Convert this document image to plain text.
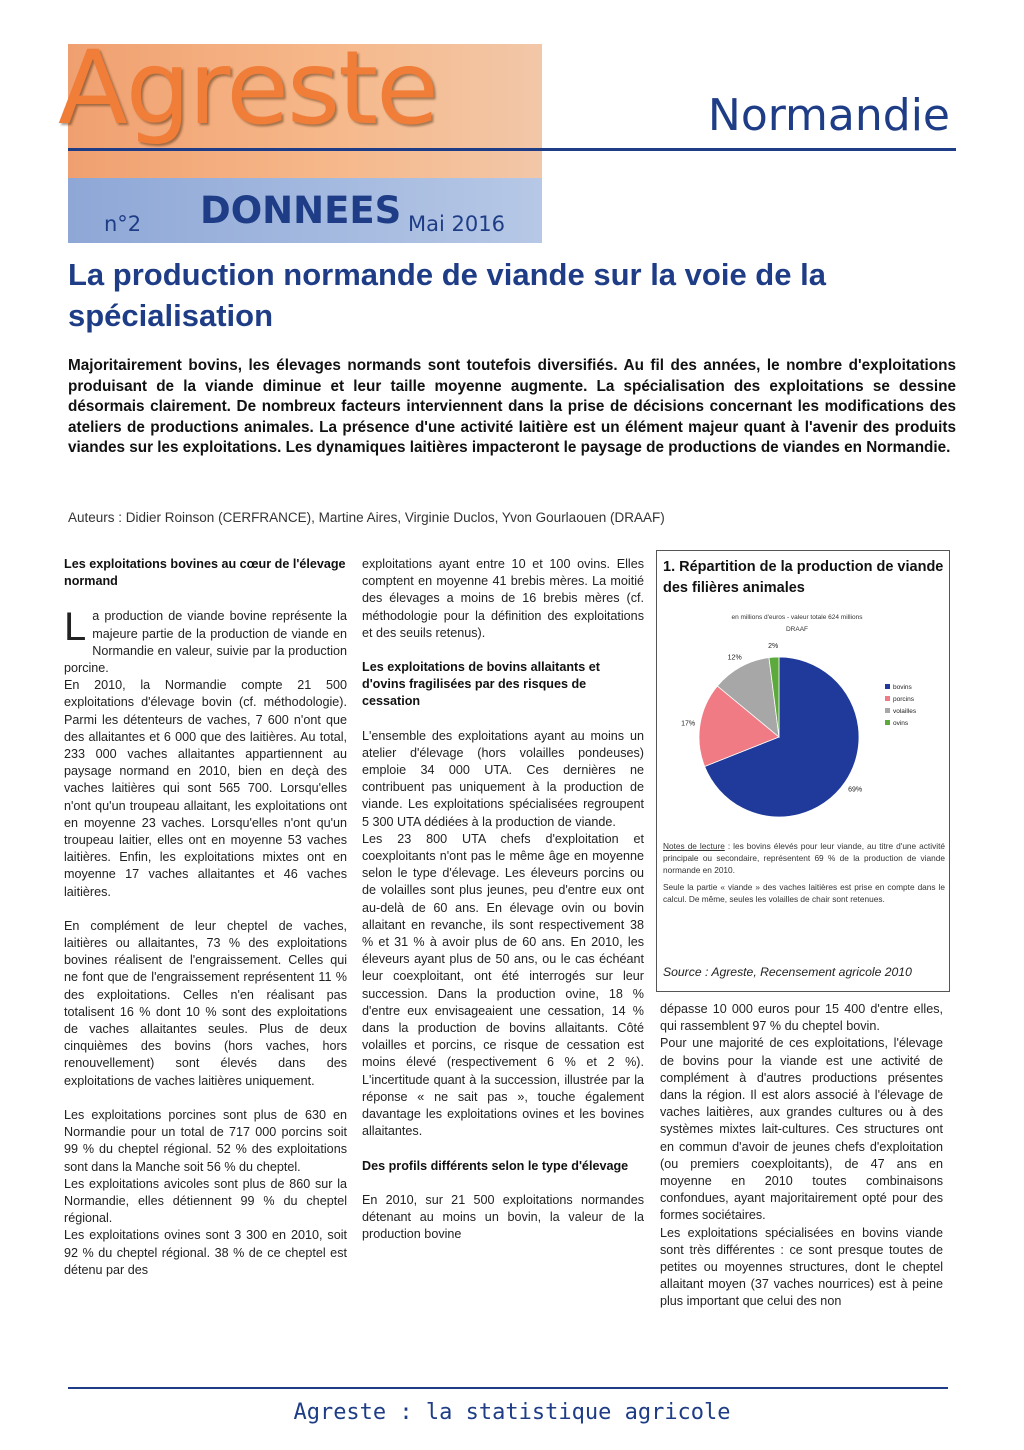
Agreste	Normandie
n°2 DONNEES Mai 2016
La production normande de viande sur la voie de la spécialisation
Majoritairement bovins, les élevages normands sont toutefois diversifiés. Au fil des années, le nombre d'exploitations produisant de la viande diminue et leur taille moyenne augmente. La spécialisation des exploitations se dessine désormais clairement. De nombreux facteurs interviennent dans la prise de décisions concernant les modifications des ateliers de productions animales. La présence d'une activité laitière est un élément majeur quant à l'avenir des produits viandes sur les exploitations. Les dynamiques laitières impacteront le paysage de productions de viandes en Normandie.
Auteurs : Didier Roinson (CERFRANCE), Martine Aires, Virginie Duclos, Yvon Gourlaouen (DRAAF)
Les exploitations bovines au cœur de l'élevage normand

La production de viande bovine représente la majeure partie de la production de viande en Normandie en valeur, suivie par la production porcine.

En 2010, la Normandie compte 21 500 exploitations d'élevage bovin (cf. méthodologie). Parmi les détenteurs de vaches, 7 600 n'ont que des allaitantes et 6 000 que des laitières. Au total, 233 000 vaches allaitantes appartiennent au paysage normand en 2010, bien en deçà des vaches laitières qui sont 565 700. Lorsqu'elles n'ont qu'un troupeau allaitant, les exploitations ont en moyenne 23 vaches. Lorsqu'elles n'ont qu'un troupeau laitier, elles ont en moyenne 53 vaches laitières. Enfin, les exploitations mixtes ont en moyenne 17 vaches allaitantes et 46 vaches laitières.

En complément de leur cheptel de vaches, laitières ou allaitantes, 73 % des exploitations bovines réalisent de l'engraissement. Celles qui ne font que de l'engraissement représentent 11 % des exploitations. Celles n'en réalisant pas totalisent 16 % dont 10 % sont des exploitations de vaches allaitantes seules. Plus de deux cinquièmes des bovins (hors vaches, hors renouvellement) sont élevés dans des exploitations de vaches laitières uniquement.

Les exploitations porcines sont plus de 630 en Normandie pour un total de 717 000 porcins soit 99 % du cheptel régional. 52 % des exploitations sont dans la Manche soit 56 % du cheptel.

Les exploitations avicoles sont plus de 860 sur la Normandie, elles détiennent 99 % du cheptel régional.

Les exploitations ovines sont 3 300 en 2010, soit 92 % du cheptel régional. 38 % de ce cheptel est détenu par des

exploitations ayant entre 10 et 100 ovins. Elles comptent en moyenne 41 brebis mères. La moitié des élevages a moins de 16 brebis mères (cf. méthodologie pour la définition des exploitations et des seuils retenus).

Les exploitations de bovins allaitants et d'ovins fragilisées par des risques de cessation

L'ensemble des exploitations ayant au moins un atelier d'élevage (hors volailles pondeuses) emploie 34 000 UTA. Ces dernières ne contribuent pas uniquement à la production de viande. Les exploitations spécialisées regroupent 5 300 UTA dédiées à la production de viande.

Les 23 800 UTA chefs d'exploitation et coexploitants n'ont pas le même âge en moyenne selon le type d'élevage. Les éleveurs porcins ou de volailles sont plus jeunes, peu d'entre eux ont au-delà de 60 ans. En élevage ovin ou bovin allaitant en revanche, ils sont respectivement 38 % et 31 % à avoir plus de 60 ans. En 2010, les éleveurs ayant plus de 50 ans, ou le cas échéant leur coexploitant, ont été interrogés sur leur succession. Dans la production ovine, 18 % d'entre eux envisageaient une cessation, 14 % dans la production de bovins allaitants. Côté volailles et porcins, ce risque de cessation est moins élevé (respectivement 6 % et 2 %). L'incertitude quant à la succession, illustrée par la réponse « ne sait pas », touche également davantage les exploitations ovines et les bovines allaitantes.

Des profils différents selon le type d'élevage

En 2010, sur 21 500 exploitations normandes détenant au moins un bovin, la valeur de la production bovine

1. Répartition de la production de viande des filières animales
en millions d'euros - valeur totale 624 millions
DRAAF
69%
17%
12%
2%
bovins
porcins
volailles
ovins

Notes de lecture : les bovins élevés pour leur viande, au titre d'une activité principale ou secondaire, représentent 69 % de la production de viande normande en 2010.

Seule la partie « viande » des vaches laitières est prise en compte dans le calcul. De même, seules les volailles de chair sont retenues.

Source : Agreste, Recensement agricole 2010

dépasse 10 000 euros pour 15 400 d'entre elles, qui rassemblent 97 % du cheptel bovin.

Pour une majorité de ces exploitations, l'élevage de bovins pour la viande est une activité de complément à d'autres productions présentes dans la région. Il est alors associé à l'élevage de vaches laitières, aux grandes cultures ou à des systèmes mixtes lait-cultures. Ces structures ont en commun d'avoir de jeunes chefs d'exploitation (ou premiers coexploitants), de 47 ans en moyenne en 2010 toutes combinaisons confondues, ayant majoritairement opté pour des formes sociétaires.

Les exploitations spécialisées en bovins viande sont très différentes : ce sont presque toutes de petites ou moyennes structures, dont le cheptel allaitant moyen (37 vaches nourrices) est à peine plus important que celui des non

Agreste : la statistique agricole
